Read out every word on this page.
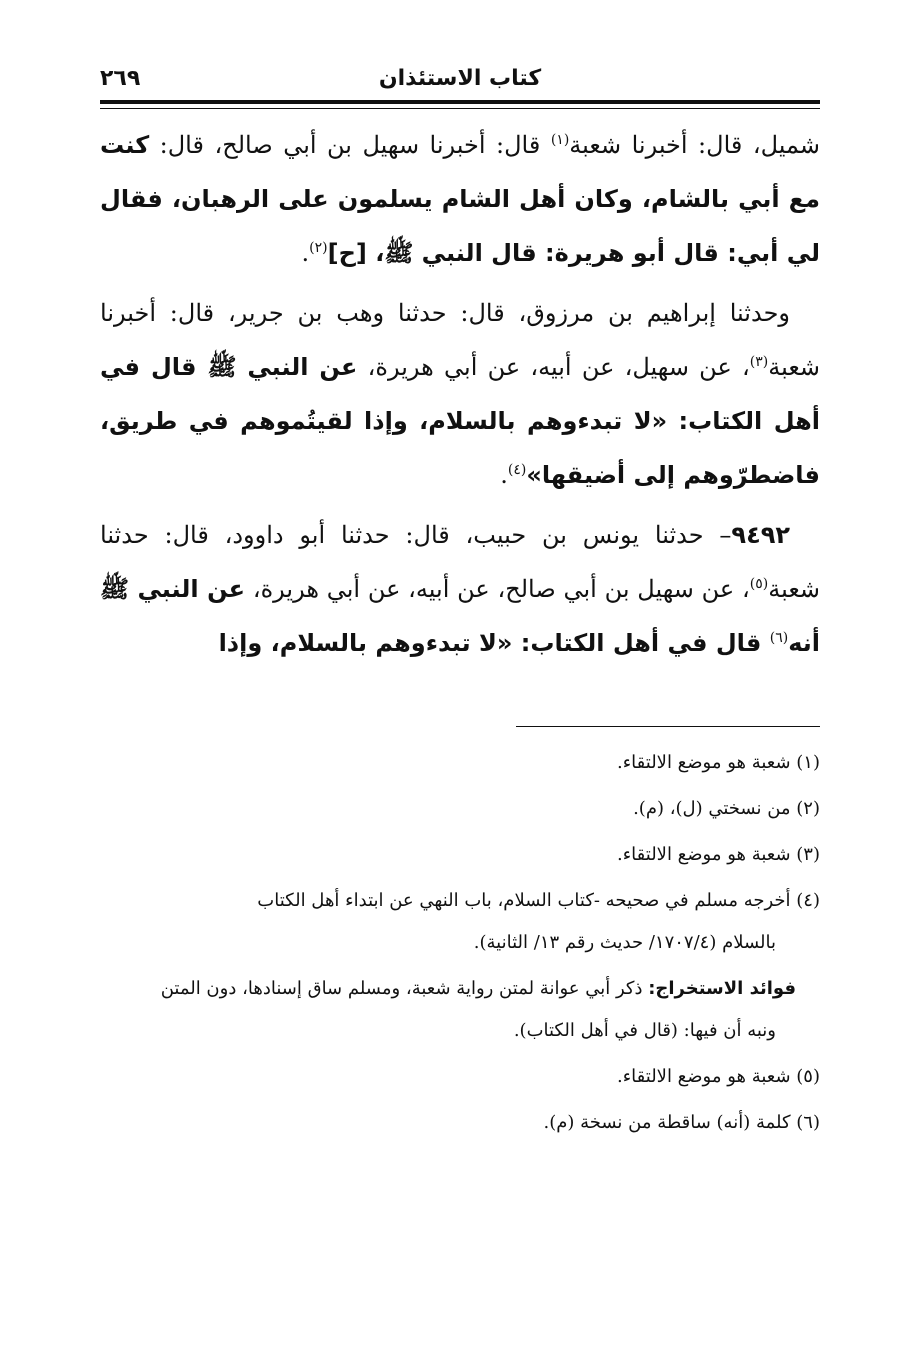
كتاب الاستئذان
٢٦٩

شميل، قال: أخبرنا شعبة$^{(١)}$ قال: أخبرنا سهيل بن أبي صالح، قال: كنت مع أبي بالشام، وكان أهل الشام يسلمون على الرهبان، فقال لي أبي: قال أبو هريرة: قال النبي ﷺ، [ح]$^{(٢)}$.

وحدثنا إبراهيم بن مرزوق، قال: حدثنا وهب بن جرير، قال: أخبرنا شعبة$^{(٣)}$، عن سهيل، عن أبيه، عن أبي هريرة، عن النبي ﷺ قال في أهل الكتاب: «لا تبدءوهم بالسلام، وإذا لقيتُموهم في طريق، فاضطرّوهم إلى أضيقها»$^{(٤)}$.

٩٤٩٢– حدثنا يونس بن حبيب، قال: حدثنا أبو داوود، قال: حدثنا شعبة$^{(٥)}$، عن سهيل بن أبي صالح، عن أبيه، عن أبي هريرة، عن النبي ﷺ أنه$^{(٦)}$ قال في أهل الكتاب: «لا تبدءوهم بالسلام، وإذا

(١) شعبة هو موضع الالتقاء.

(٢) من نسختي (ل)، (م).

(٣) شعبة هو موضع الالتقاء.

(٤) أخرجه مسلم في صحيحه -كتاب السلام، باب النهي عن ابتداء أهل الكتاب
بالسلام (١٧٠٧/٤/ حديث رقم ١٣/ الثانية).

فوائد الاستخراج: ذكر أبي عوانة لمتن رواية شعبة، ومسلم ساق إسنادها، دون المتن
ونبه أن فيها: (قال في أهل الكتاب).

(٥) شعبة هو موضع الالتقاء.

(٦) كلمة (أنه) ساقطة من نسخة (م).
